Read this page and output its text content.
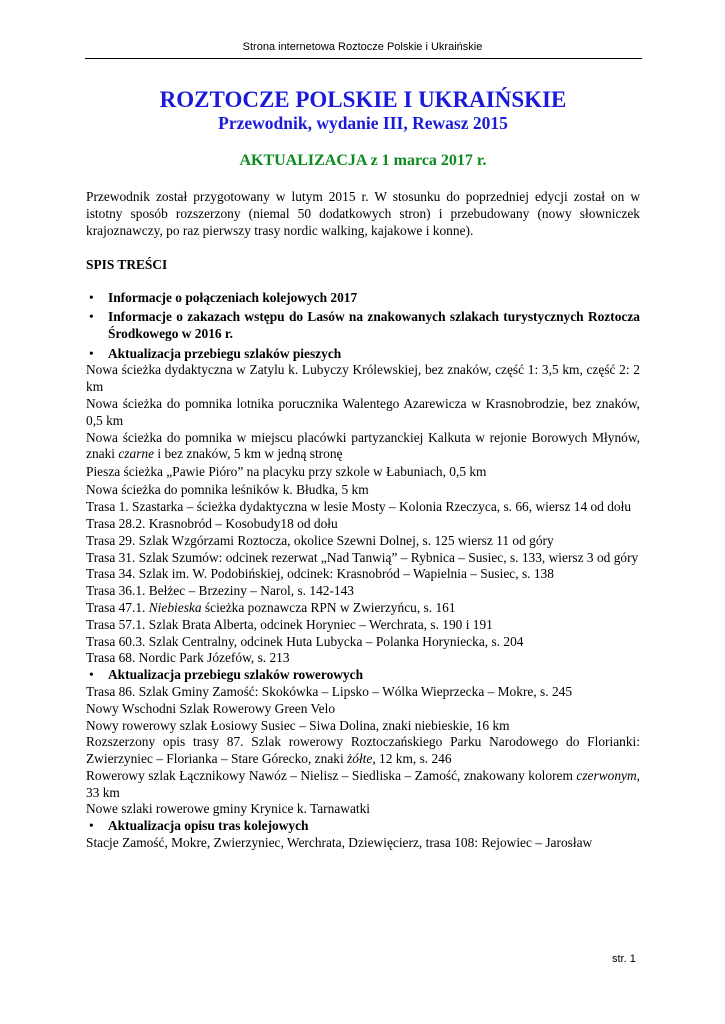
Strona internetowa Roztocze Polskie i Ukraińskie
ROZTOCZE POLSKIE I UKRAIŃSKIE
Przewodnik, wydanie III, Rewasz 2015

AKTUALIZACJA z 1 marca 2017 r.

Przewodnik został przygotowany w lutym 2015 r. W stosunku do poprzedniej edycji został on w istotny sposób rozszerzony (niemal 50 dodatkowych stron) i przebudowany (nowy słowniczek krajoznawczy, po raz pierwszy trasy nordic walking, kajakowe i konne).

SPIS TREŚCI

• Informacje o połączeniach kolejowych 2017
• Informacje o zakazach wstępu do Lasów na znakowanych szlakach turystycznych Roztocza Środkowego w 2016 r.
• Aktualizacja przebiegu szlaków pieszych
Nowa ścieżka dydaktyczna w Zatylu k. Lubyczy Królewskiej, bez znaków, część 1: 3,5 km, część 2: 2 km
Nowa ścieżka do pomnika lotnika porucznika Walentego Azarewicza w Krasnobrodzie, bez znaków, 0,5 km
Nowa ścieżka do pomnika w miejscu placówki partyzanckiej Kalkuta w rejonie Borowych Młynów, znaki czarne i bez znaków, 5 km w jedną stronę
Piesza ścieżka „Pawie Pióro” na placyku przy szkole w Łabuniach, 0,5 km
Nowa ścieżka do pomnika leśników k. Błudka, 5 km
Trasa 1. Szastarka – ścieżka dydaktyczna w lesie Mosty – Kolonia Rzeczyca, s. 66, wiersz 14 od dołu
Trasa 28.2. Krasnobród – Kosobudy18 od dołu
Trasa 29. Szlak Wzgórzami Roztocza, okolice Szewni Dolnej, s. 125 wiersz 11 od góry
Trasa 31. Szlak Szumów: odcinek rezerwat „Nad Tanwią” – Rybnica – Susiec, s. 133, wiersz 3 od góry
Trasa 34. Szlak im. W. Podobińskiej, odcinek: Krasnobród – Wapielnia – Susiec, s. 138
Trasa 36.1. Bełżec – Brzeziny – Narol, s. 142-143
Trasa 47.1. Niebieska ścieżka poznawcza RPN w Zwierzyńcu, s. 161
Trasa 57.1. Szlak Brata Alberta, odcinek Horyniec – Werchrata, s. 190 i 191
Trasa 60.3. Szlak Centralny, odcinek Huta Lubycka – Polanka Horyniecka, s. 204
Trasa 68. Nordic Park Józefów, s. 213
• Aktualizacja przebiegu szlaków rowerowych
Trasa 86. Szlak Gminy Zamość: Skokówka – Lipsko – Wólka Wieprzecka – Mokre, s. 245
Nowy Wschodni Szlak Rowerowy Green Velo
Nowy rowerowy szlak Łosiowy Susiec – Siwa Dolina, znaki niebieskie, 16 km
Rozszerzony opis trasy 87. Szlak rowerowy Roztoczańskiego Parku Narodowego do Florianki: Zwierzyniec – Florianka – Stare Górecko, znaki żółte, 12 km, s. 246
Rowerowy szlak Łącznikowy Nawóz – Nielisz – Siedliska – Zamość, znakowany kolorem czerwonym, 33 km
Nowe szlaki rowerowe gminy Krynice k. Tarnawatki
• Aktualizacja opisu tras kolejowych
Stacje Zamość, Mokre, Zwierzyniec, Werchrata, Dziewięcierz, trasa 108: Rejowiec – Jarosław
str. 1
